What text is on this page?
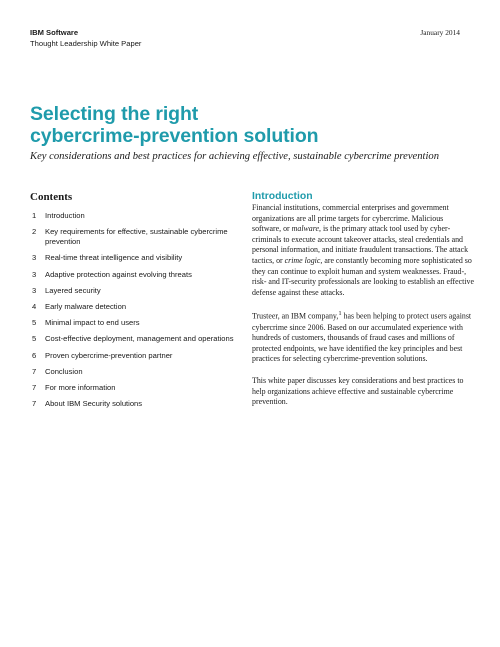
IBM Software
Thought Leadership White Paper
January 2014
Selecting the right
cybercrime-prevention solution

Key considerations and best practices for achieving effective, sustainable cybercrime prevention

Contents
1	Introduction
2	Key requirements for effective, sustainable cybercrime prevention
3	Real-time threat intelligence and visibility
3	Adaptive protection against evolving threats
3	Layered security
4	Early malware detection
5	Minimal impact to end users
5	Cost-effective deployment, management and operations
6	Proven cybercrime-prevention partner
7	Conclusion
7	For more information
7	About IBM Security solutions
Introduction

Financial institutions, commercial enterprises and government organizations are all prime targets for cybercrime. Malicious software, or malware, is the primary attack tool used by cybercriminals to execute account takeover attacks, steal credentials and personal information, and initiate fraudulent transactions. The attack tactics, or crime logic, are constantly becoming more sophisticated so they can continue to exploit human and system weaknesses. Fraud-, risk- and IT-security professionals are looking to establish an effective defense against these attacks.

Trusteer, an IBM company,$^1$ has been helping to protect users against cybercrime since 2006. Based on our accumulated experience with hundreds of customers, thousands of fraud cases and millions of protected endpoints, we have identified the key principles and best practices for selecting cybercrime-prevention solutions.

This white paper discusses key considerations and best practices to help organizations achieve effective and sustainable cybercrime prevention.
